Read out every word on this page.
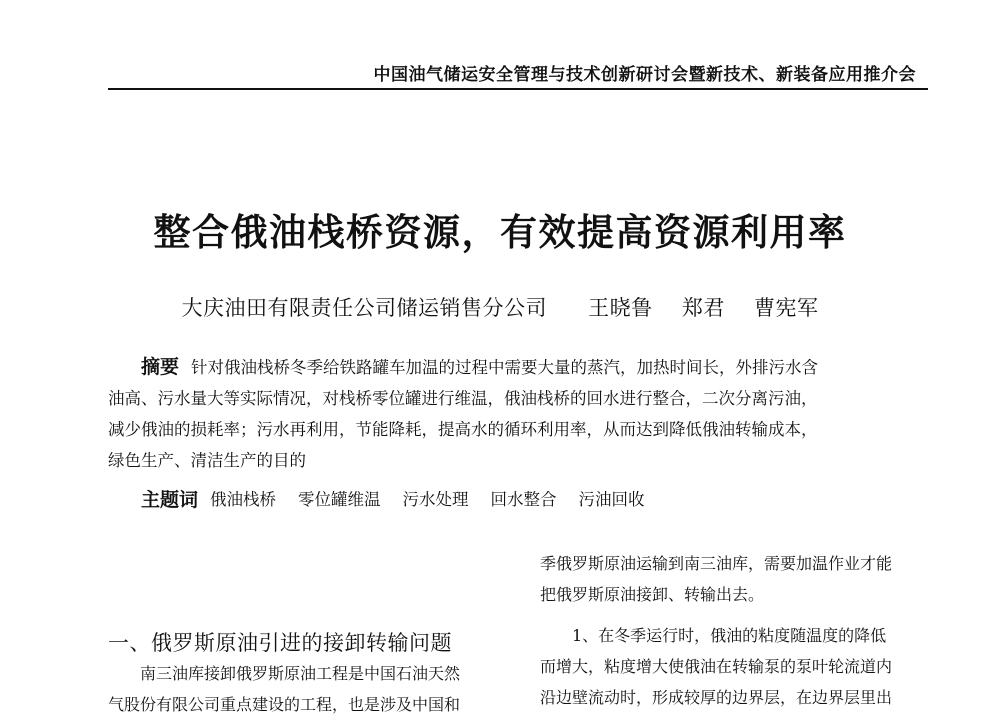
中国油气储运安全管理与技术创新研讨会暨新技术、新装备应用推介会
整合俄油栈桥资源，有效提高资源利用率
大庆油田有限责任公司储运销售分公司 王晓鲁 郑君 曹宪军
摘要 针对俄油栈桥冬季给铁路罐车加温的过程中需要大量的蒸汽，加热时间长，外排污水含
油高、污水量大等实际情况，对栈桥零位罐进行维温，俄油栈桥的回水进行整合，二次分离污油，
减少俄油的损耗率；污水再利用，节能降耗，提高水的循环利用率，从而达到降低俄油转输成本，
绿色生产、清洁生产的目的
主题词 俄油栈桥 零位罐维温 污水处理 回水整合 污油回收
一、俄罗斯原油引进的接卸转输问题
南三油库接卸俄罗斯原油工程是中国石油天然
气股份有限公司重点建设的工程，也是涉及中国和
季俄罗斯原油运输到南三油库，需要加温作业才能
把俄罗斯原油接卸、转输出去。
1、在冬季运行时，俄油的粘度随温度的降低
而增大，粘度增大使俄油在转输泵的泵叶轮流道内
沿边壁流动时，形成较厚的边界层，在边界层里出
